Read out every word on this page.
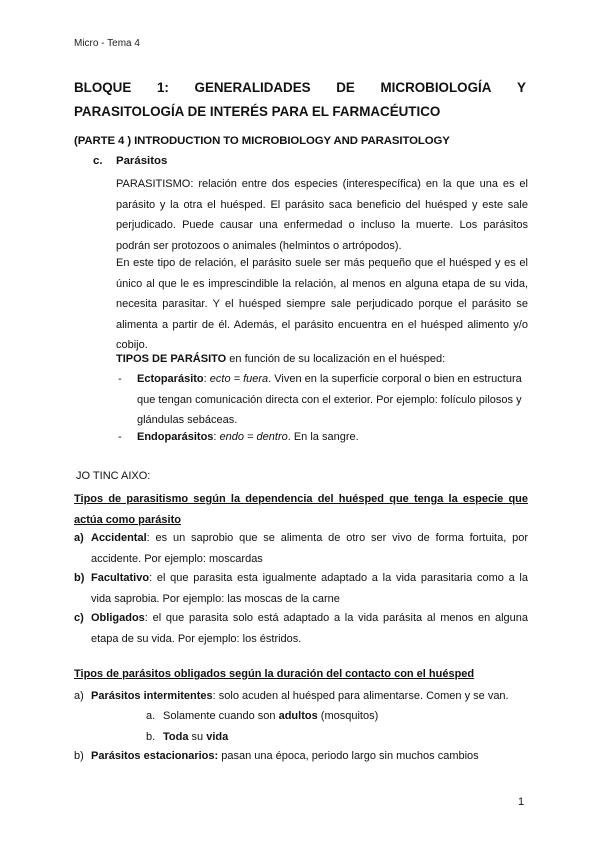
Micro - Tema 4
BLOQUE 1: GENERALIDADES DE MICROBIOLOGÍA Y
PARASITOLOGÍA DE INTERÉS PARA EL FARMACÉUTICO
(PARTE 4 ) INTRODUCTION TO MICROBIOLOGY AND PARASITOLOGY
c. Parásitos
PARASITISMO: relación entre dos especies (interespecífica) en la que una es el parásito y la otra el huésped. El parásito saca beneficio del huésped y este sale perjudicado. Puede causar una enfermedad o incluso la muerte. Los parásitos podrán ser protozoos o animales (helmintos o artrópodos).
En este tipo de relación, el parásito suele ser más pequeño que el huésped y es el único al que le es imprescindible la relación, al menos en alguna etapa de su vida, necesita parasitar. Y el huésped siempre sale perjudicado porque el parásito se alimenta a partir de él. Además, el parásito encuentra en el huésped alimento y/o cobijo.
TIPOS DE PARÁSITO en función de su localización en el huésped:
- Ectoparásito: ecto = fuera. Viven en la superficie corporal o bien en estructura que tengan comunicación directa con el exterior. Por ejemplo: folículo pilosos y glándulas sebáceas.
- Endoparásitos: endo = dentro. En la sangre.
JO TINC AIXO:
Tipos de parasitismo según la dependencia del huésped que tenga la especie que actúa como parásito
a) Accidental: es un saprobio que se alimenta de otro ser vivo de forma fortuita, por accidente. Por ejemplo: moscardas
b) Facultativo: el que parasita esta igualmente adaptado a la vida parasitaria como a la vida saprobia. Por ejemplo: las moscas de la carne
c) Obligados: el que parasita solo está adaptado a la vida parásita al menos en alguna etapa de su vida. Por ejemplo: los éstridos.
Tipos de parásitos obligados según la duración del contacto con el huésped
a) Parásitos intermitentes: solo acuden al huésped para alimentarse. Comen y se van.
a. Solamente cuando son adultos (mosquitos)
b. Toda su vida
b) Parásitos estacionarios: pasan una época, periodo largo sin muchos cambios
1
